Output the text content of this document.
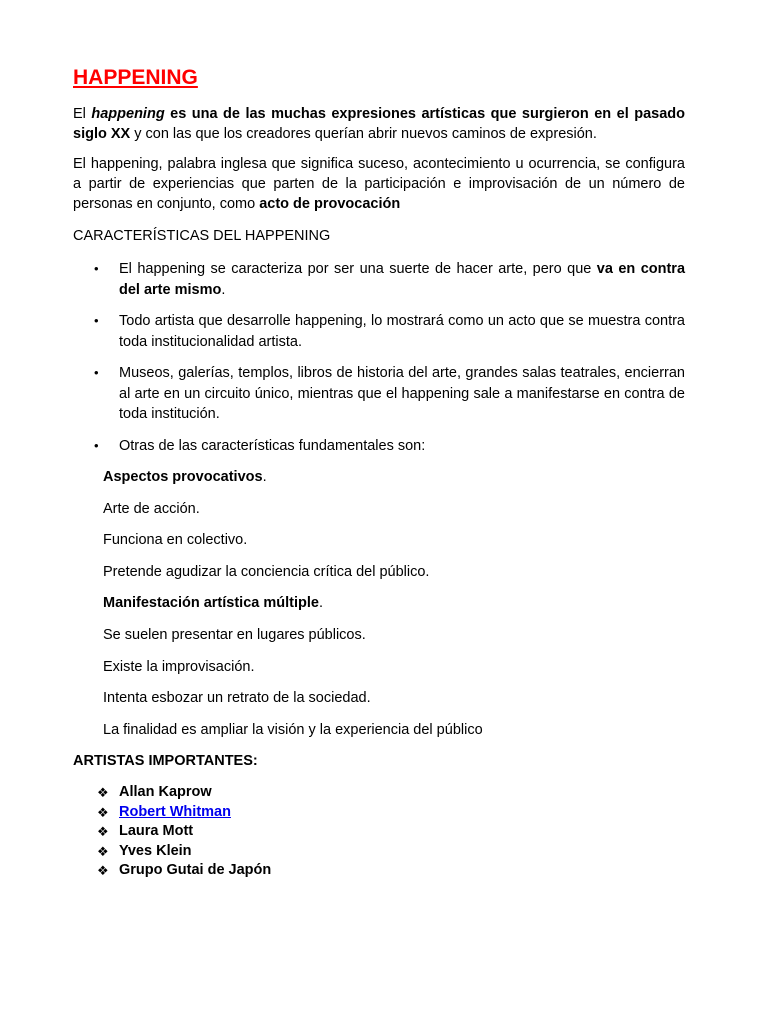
HAPPENING

El happening es una de las muchas expresiones artísticas que surgieron en el pasado siglo XX y con las que los creadores querían abrir nuevos caminos de expresión.

El happening, palabra inglesa que significa suceso, acontecimiento u ocurrencia, se configura a partir de experiencias que parten de la participación e improvisación de un número de personas en conjunto, como acto de provocación

CARACTERÍSTICAS DEL HAPPENING
•	El happening se caracteriza por ser una suerte de hacer arte, pero que va en contra del arte mismo.
•	Todo artista que desarrolle happening, lo mostrará como un acto que se muestra contra toda institucionalidad artista.
•	Museos, galerías, templos, libros de historia del arte, grandes salas teatrales, encierran al arte en un circuito único, mientras que el happening sale a manifestarse en contra de toda institución.
•	Otras de las características fundamentales son:
Aspectos provocativos.
Arte de acción.
Funciona en colectivo.
Pretende agudizar la conciencia crítica del público.
Manifestación artística múltiple.
Se suelen presentar en lugares públicos.
Existe la improvisación.
Intenta esbozar un retrato de la sociedad.
La finalidad es ampliar la visión y la experiencia del público
ARTISTAS IMPORTANTES:
❖ Allan Kaprow
❖ Robert Whitman
❖ Laura Mott
❖ Yves Klein
❖ Grupo Gutai de Japón
